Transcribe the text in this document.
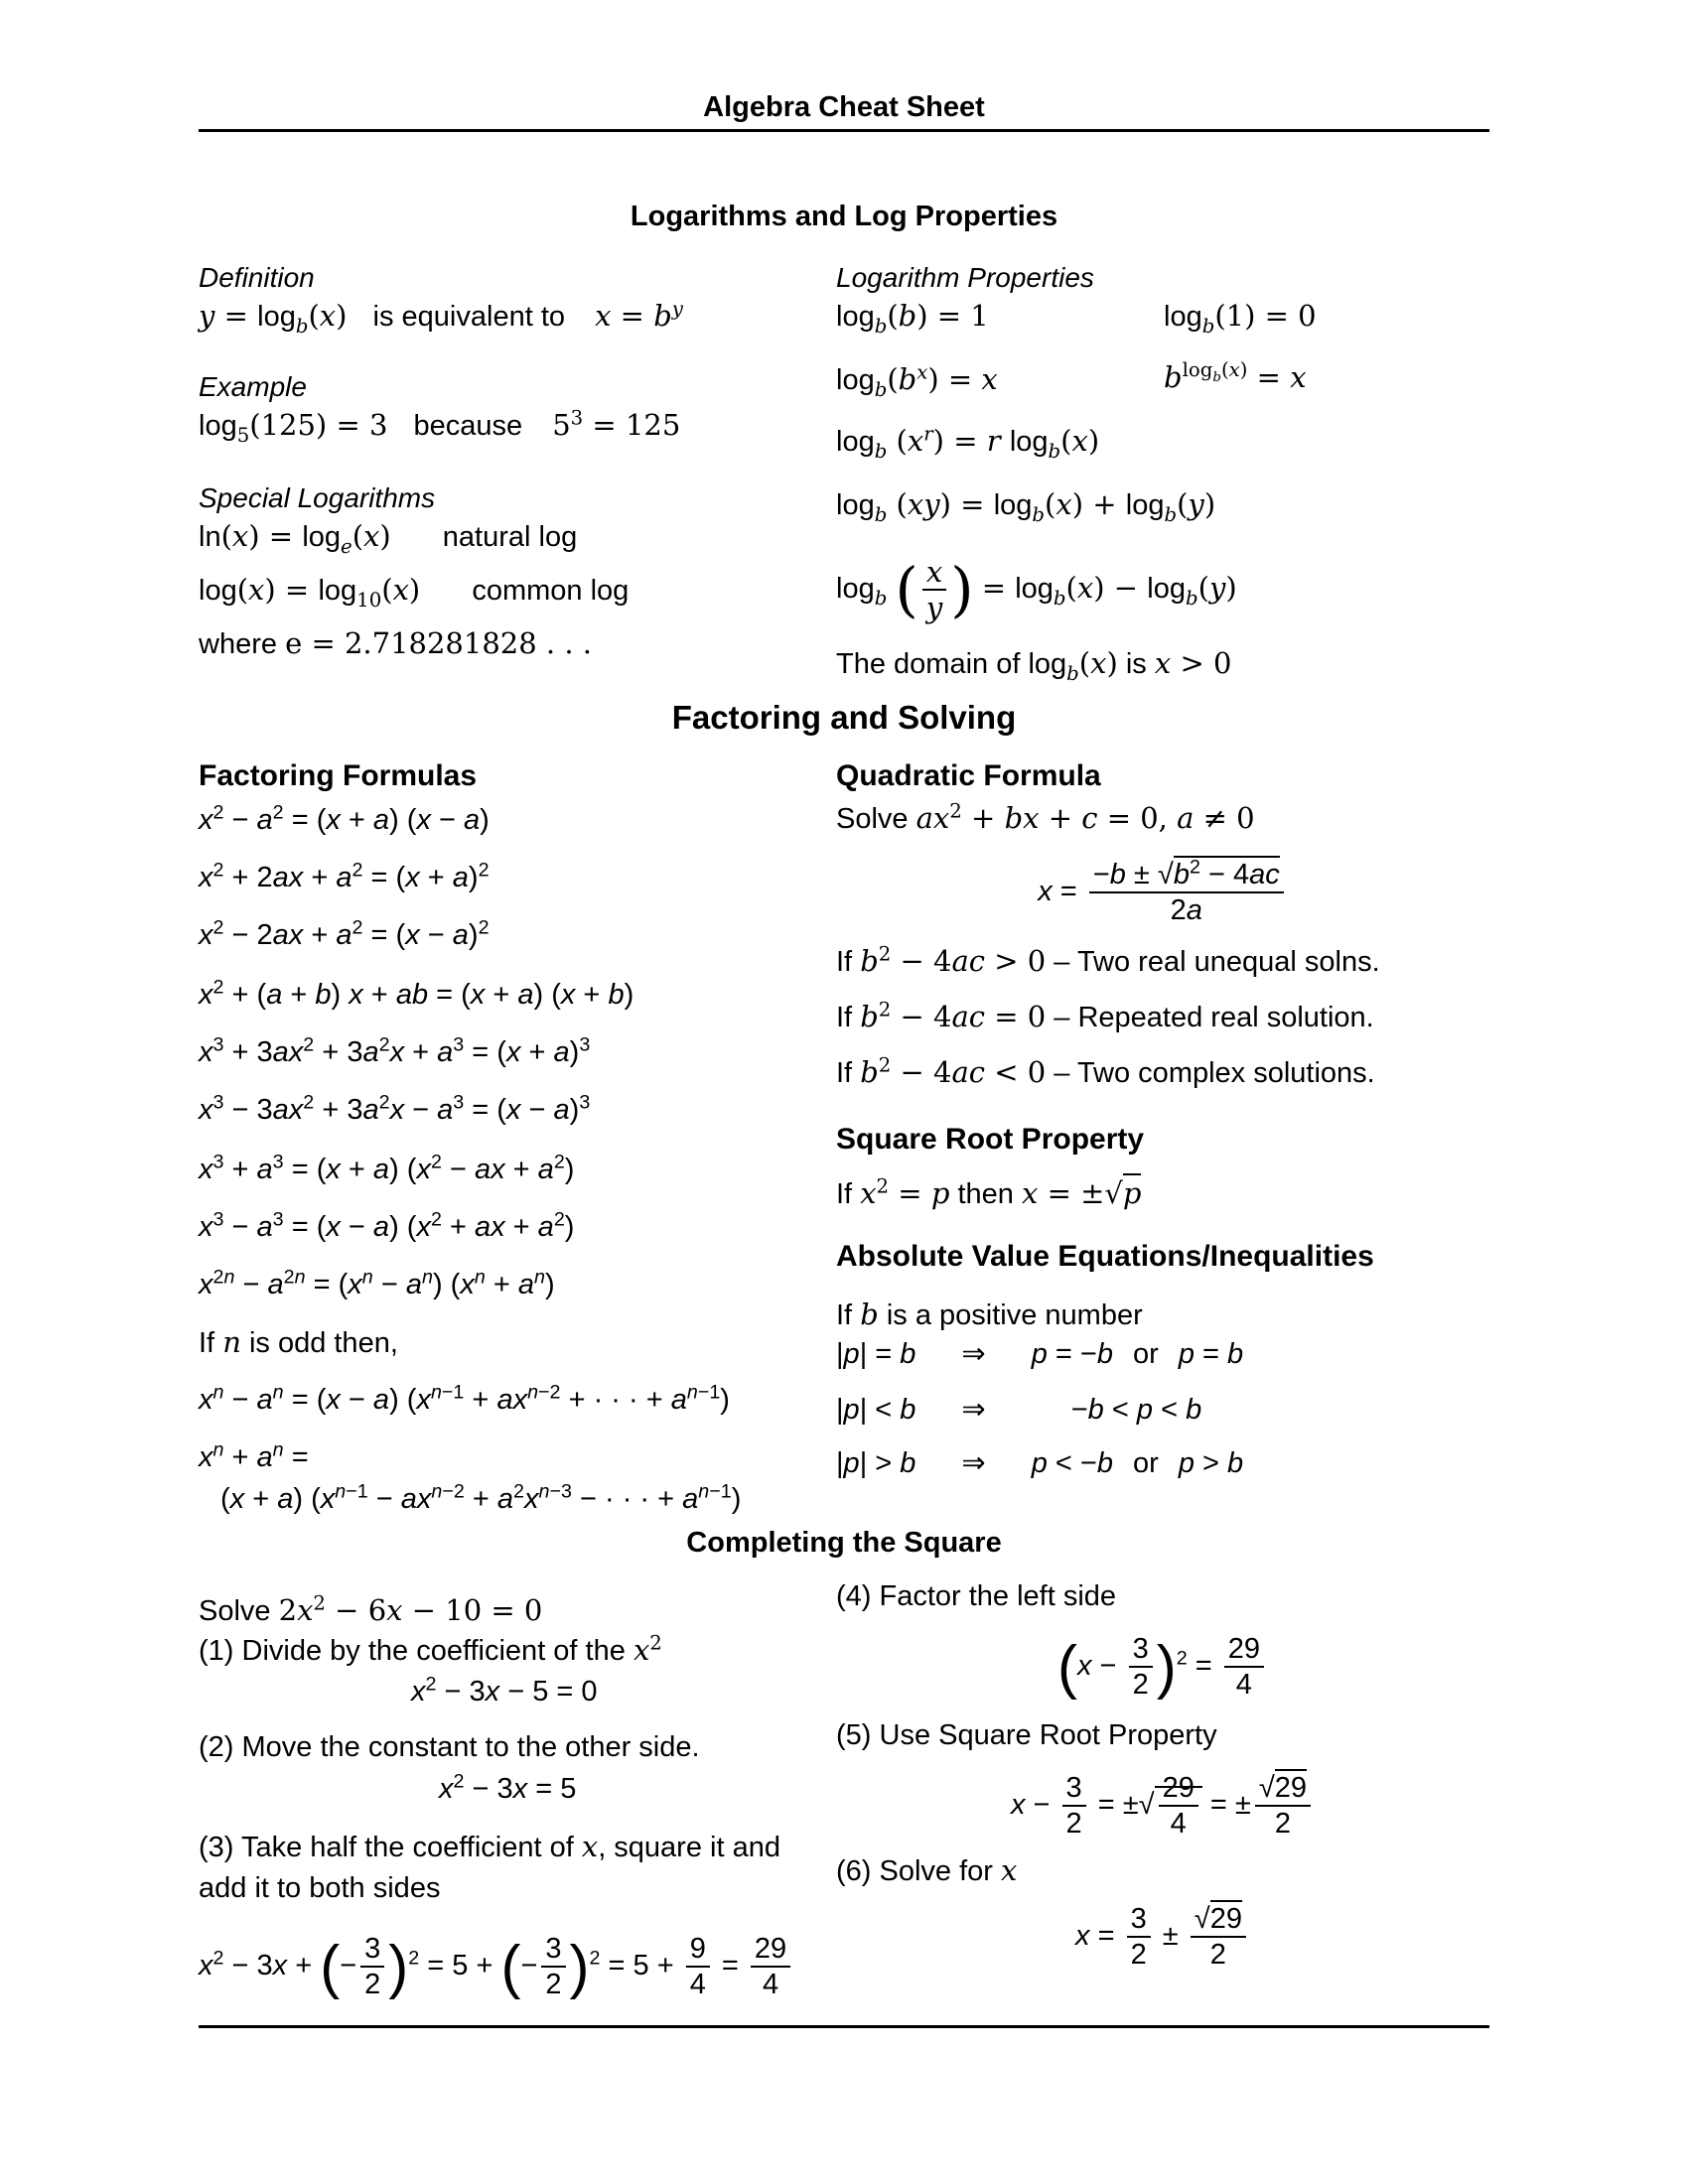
Algebra Cheat Sheet
Logarithms and Log Properties
Definition
$y = \log_b(x)$ is equivalent to $x = b^y$
Example
$\log_5(125) = 3$ because $5^3 = 125$
Special Logarithms
$\ln(x) = \log_e(x)$ natural log
$\log(x) = \log_{10}(x)$ common log
where e = 2.718281828 . . .
Logarithm Properties
$\log_b(b) = 1$	$\log_b(1) = 0$
$\log_b(b^x) = x$	$b^{log_b(x)} = x$
$\log_b (x^r) = r$ $\log_b(x)$
$\log_b (xy) = \log_b(x) + \log_b(y)$
$\log_b$ ( $\frac{x}{y}$ ) = $\log_b(x) - \log_b(y)$
The domain of $\log_b(x)$ is x > 0
Factoring and Solving
Factoring Formulas
$x^2 - a^2 = (x + a) (x - a)$
$x^2 + 2ax + a^2 = (x + a)^2$
$x^2 - 2ax + a^2 = (x - a)^2$
$x^2 + (a + b) x$ + ab = (x + a) (x + b)
$x^3 + 3ax^2 + 3a^2x + a^3 = (x + a)^3$
$x^3 - 3ax^2 + 3a^2x - a^3 = (x - a)^3$
$x^3 + a^3 = (x + a) (x^2$ − ax + $a^2$)
$x^3 - a^3 = (x - a) (x^2$ + ax + $a^2$)
$x^{2n} - a^{2n} = (x^n - a^n) (x^n + a^n)$
If n is odd then,
$x^n - a^n = (x - a) (x^{n-1} + ax^{n-2}$ + · · · + $a^{n-1}$)
$x^n + a^n$ =
(x + a) ($x^{n-1} - ax^{n-2} + a^2x^{n-3}$ − · · · + $a^{n-1}$)
Quadratic Formula
Solve $ax^2$ + bx + c = 0, a ≠ 0
$x = \frac{-b \pm √b^2 - 4ac}{2a}$
If $b^2 - 4ac > 0$ – Two real unequal solns.
If $b^2 - 4ac = 0$ – Repeated real solution.
If $b^2 - 4ac < 0$ – Two complex solutions.
Square Root Property
If $x^2 = p$ then x = ±√p
Absolute Value Equations/Inequalities
If b is a positive number
|p| = b ⇒ p = −b or p = b
|p| < b ⇒	−b < p < b
|p| > b ⇒ p < −b or p > b
Completing the Square
Solve $2x^2 - 6x - 10 = 0$
(1) Divide by the coefficient of the $x^2$
$x^2 - 3x - 5 = 0$
(2) Move the constant to the other side.
$x^2 - 3x = 5$
(3) Take half the coefficient of x, square it and
add it to both sides
$x^2 - 3x$ + (− $\frac{3}{2} )^2 = 5$ + (− $\frac{3}{2} )^2 = 5 + \frac{9}{4} = \frac{29}{4}$
(4) Factor the left side
$(x - \frac{3}{2} )^2 = \frac{29}{4}$
(5) Use Square Root Property
$x - \frac{3}{2}$ = ±√ $\frac{29}{4}$ = ± $\frac{√29}{2}$
(6) Solve for x
$x = \frac{3}{2} \pm \frac{√29}{2}$
